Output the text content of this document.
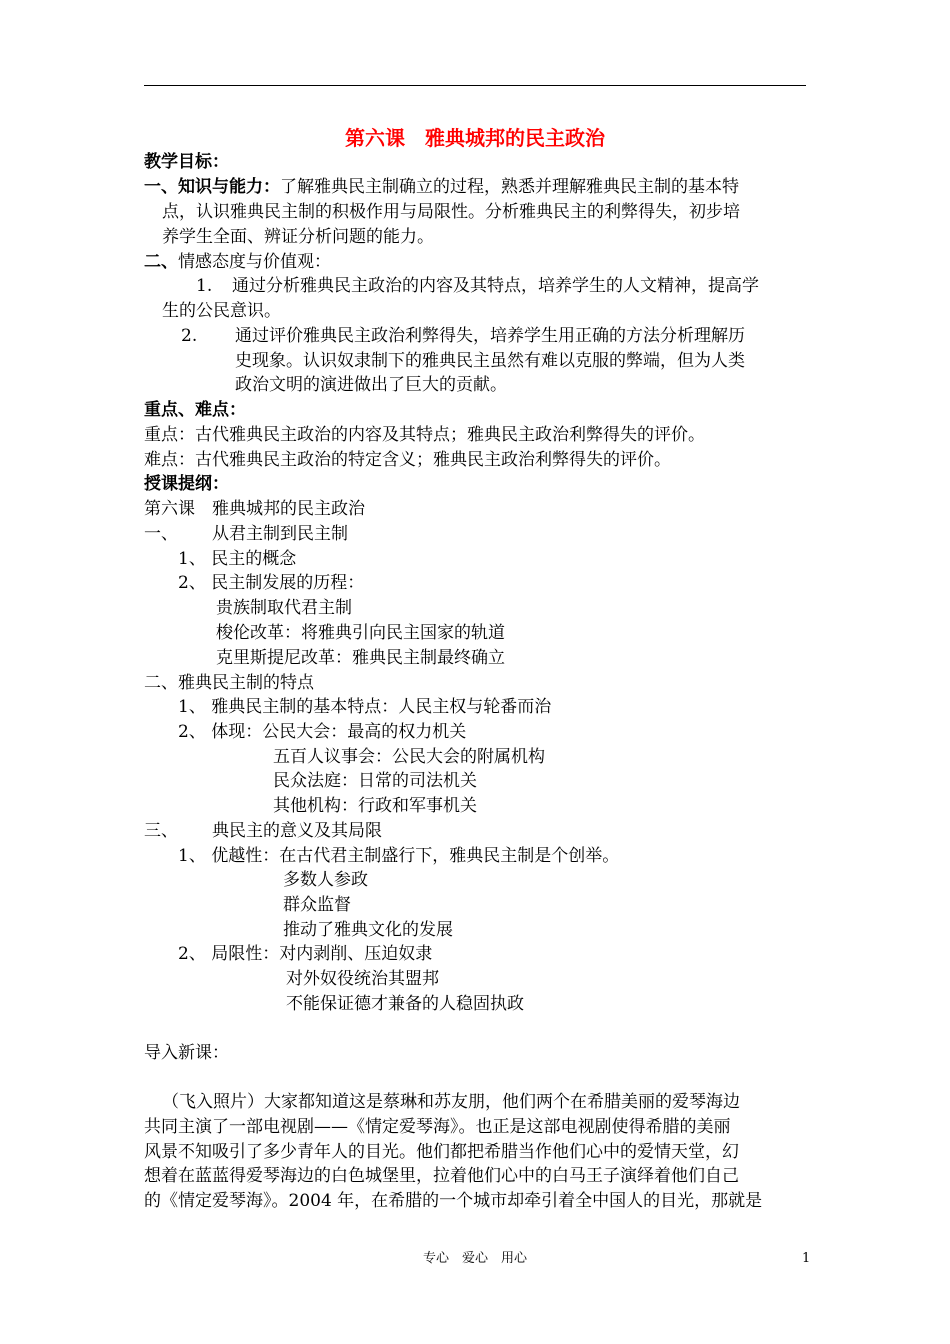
第六课　雅典城邦的民主政治
教学目标：
一、知识与能力： 了解雅典民主制确立的过程，熟悉并理解雅典民主制的基本特
点，认识雅典民主制的积极作用与局限性。分析雅典民主的利弊得失，初步培
养学生全面、辨证分析问题的能力。
二、 情感态度与价值观：
1. 通过分析雅典民主政治的内容及其特点，培养学生的人文精神，提高学
生的公民意识。
2. 通过评价雅典民主政治利弊得失，培养学生用正确的方法分析理解历
史现象。认识奴隶制下的雅典民主虽然有难以克服的弊端，但为人类
政治文明的演进做出了巨大的贡献。
重点、难点：
重点：古代雅典民主政治的内容及其特点；雅典民主政治利弊得失的评价。
难点：古代雅典民主政治的特定含义；雅典民主政治利弊得失的评价。
授课提纲：
第六课　雅典城邦的民主政治
一、 从君主制到民主制
1、 民主的概念
2、 民主制发展的历程：
贵族制取代君主制
梭伦改革：将雅典引向民主国家的轨道
克里斯提尼改革：雅典民主制最终确立
二、雅典民主制的特点
1、 雅典民主制的基本特点：人民主权与轮番而治
2、 体现：公民大会：最高的权力机关
五百人议事会：公民大会的附属机构
民众法庭：日常的司法机关
其他机构：行政和军事机关
三、 典民主的意义及其局限
1、 优越性：在古代君主制盛行下，雅典民主制是个创举。
多数人参政
群众监督
推动了雅典文化的发展
2、 局限性：对内剥削、压迫奴隶
对外奴役统治其盟邦
不能保证德才兼备的人稳固执政
导入新课：
（飞入照片）大家都知道这是蔡琳和苏友朋，他们两个在希腊美丽的爱琴海边
共同主演了一部电视剧——《情定爱琴海》。也正是这部电视剧使得希腊的美丽
风景不知吸引了多少青年人的目光。他们都把希腊当作他们心中的爱情天堂，幻
想着在蓝蓝得爱琴海边的白色城堡里，拉着他们心中的白马王子演绎着他们自己
的《情定爱琴海》。2004 年，在希腊的一个城市却牵引着全中国人的目光，那就是
专心　爱心　用心	1
